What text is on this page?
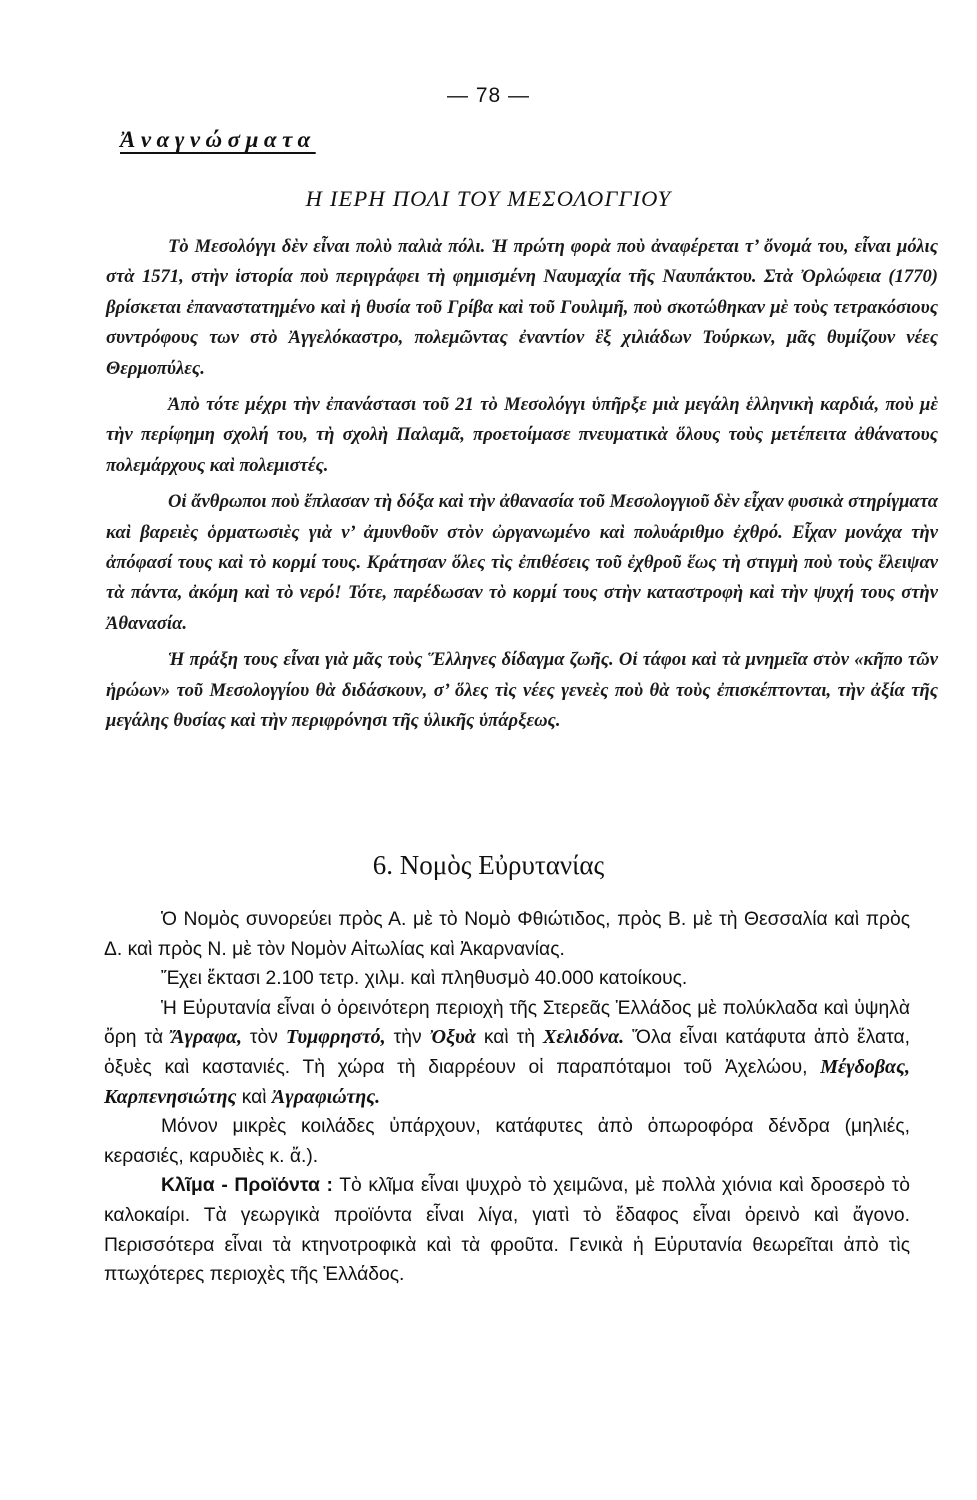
— 78 —
Ἀναγνώσματα
Η ΙΕΡΗ ΠΟΛΙ ΤΟΥ ΜΕΣΟΛΟΓΓΙΟΥ

Τὸ Μεσολόγγι δὲν εἶναι πολὺ παλιὰ πόλι. Ἡ πρώτη φορὰ ποὺ ἀναφέρεται τ’ ὄνομά του, εἶναι μόλις στὰ 1571, στὴν ἱστορία ποὺ περιγράφει τὴ φημισμένη Ναυμαχία τῆς Ναυπάκτου. Στὰ Ὀρλώφεια (1770) βρίσκεται ἐπαναστατημένο καὶ ἡ θυσία τοῦ Γρίβα καὶ τοῦ Γουλιμῆ, ποὺ σκοτώθηκαν μὲ τοὺς τετρακόσιους συντρόφους των στὸ Ἀγγελόκαστρο, πολεμῶντας ἐναντίον ἓξ χιλιάδων Τούρκων, μᾶς θυμίζουν νέες Θερμοπύλες.

Ἀπὸ τότε μέχρι τὴν ἐπανάστασι τοῦ 21 τὸ Μεσολόγγι ὑπῆρξε μιὰ μεγάλη ἑλληνικὴ καρδιά, ποὺ μὲ τὴν περίφημη σχολή του, τὴ σχολὴ Παλαμᾶ, προετοίμασε πνευματικὰ ὅλους τοὺς μετέπειτα ἀθάνατους πολεμάρχους καὶ πολεμιστές.

Οἱ ἄνθρωποι ποὺ ἔπλασαν τὴ δόξα καὶ τὴν ἀθανασία τοῦ Μεσολογγιοῦ δὲν εἶχαν φυσικὰ στηρίγματα καὶ βαρειὲς ὁρματωσιὲς γιὰ ν’ ἀμυνθοῦν στὸν ὠργανωμένο καὶ πολυάριθμο ἐχθρό. Εἶχαν μονάχα τὴν ἀπόφασί τους καὶ τὸ κορμί τους. Κράτησαν ὅλες τὶς ἐπιθέσεις τοῦ ἐχθροῦ ἕως τὴ στιγμὴ ποὺ τοὺς ἔλειψαν τὰ πάντα, ἀκόμη καὶ τὸ νερό! Τότε, παρέδωσαν τὸ κορμί τους στὴν καταστροφὴ καὶ τὴν ψυχή τους στὴν Ἀθανασία.

Ἡ πράξη τους εἶναι γιὰ μᾶς τοὺς Ἕλληνες δίδαγμα ζωῆς. Οἱ τάφοι καὶ τὰ μνημεῖα στὸν «κῆπο τῶν ἡρώων» τοῦ Μεσολογγίου θὰ διδάσκουν, σ’ ὅλες τὶς νέες γενεὲς ποὺ θὰ τοὺς ἐπισκέπτονται, τὴν ἀξία τῆς μεγάλης θυσίας καὶ τὴν περιφρόνησι τῆς ὑλικῆς ὑπάρξεως.

6. Νομὸς Εὐρυτανίας

Ὁ Νομὸς συνορεύει πρὸς Α. μὲ τὸ Νομὸ Φθιώτιδος, πρὸς Β. μὲ τὴ Θεσσαλία καὶ πρὸς Δ. καὶ πρὸς Ν. μὲ τὸν Νομὸν Αἰτωλίας καὶ Ἀκαρνανίας.

Ἔχει ἔκτασι 2.100 τετρ. χιλμ. καὶ πληθυσμὸ 40.000 κατοίκους.

Ἡ Εὐρυτανία εἶναι ὁ ὀρεινότερη περιοχὴ τῆς Στερεᾶς Ἑλλάδος μὲ πολύκλαδα καὶ ὑψηλὰ ὄρη τὰ Ἄγραφα, τὸν Τυμφρηστό, τὴν Ὀξυὰ καὶ τὴ Χελιδόνα. Ὅλα εἶναι κατάφυτα ἀπὸ ἔλατα, ὀξυὲς καὶ καστανιές. Τὴ χώρα τὴ διαρρέουν οἱ παραπόταμοι τοῦ Ἀχελώου, Μέγδοβας, Καρπενησιώτης καὶ Ἀγραφιώτης.

Μόνον μικρὲς κοιλάδες ὑπάρχουν, κατάφυτες ἀπὸ ὀπωροφόρα δένδρα (μηλιές, κερασιές, καρυδιὲς κ. ἄ.).

Κλῖμα - Προϊόντα : Τὸ κλῖμα εἶναι ψυχρὸ τὸ χειμῶνα, μὲ πολλὰ χιόνια καὶ δροσερὸ τὸ καλοκαίρι. Τὰ γεωργικὰ προϊόντα εἶναι λίγα, γιατὶ τὸ ἔδαφος εἶναι ὀρεινὸ καὶ ἄγονο. Περισσότερα εἶναι τὰ κτηνοτροφικὰ καὶ τὰ φροῦτα. Γενικὰ ἡ Εὐρυτανία θεωρεῖται ἀπὸ τὶς πτωχότερες περιοχὲς τῆς Ἑλλάδος.
